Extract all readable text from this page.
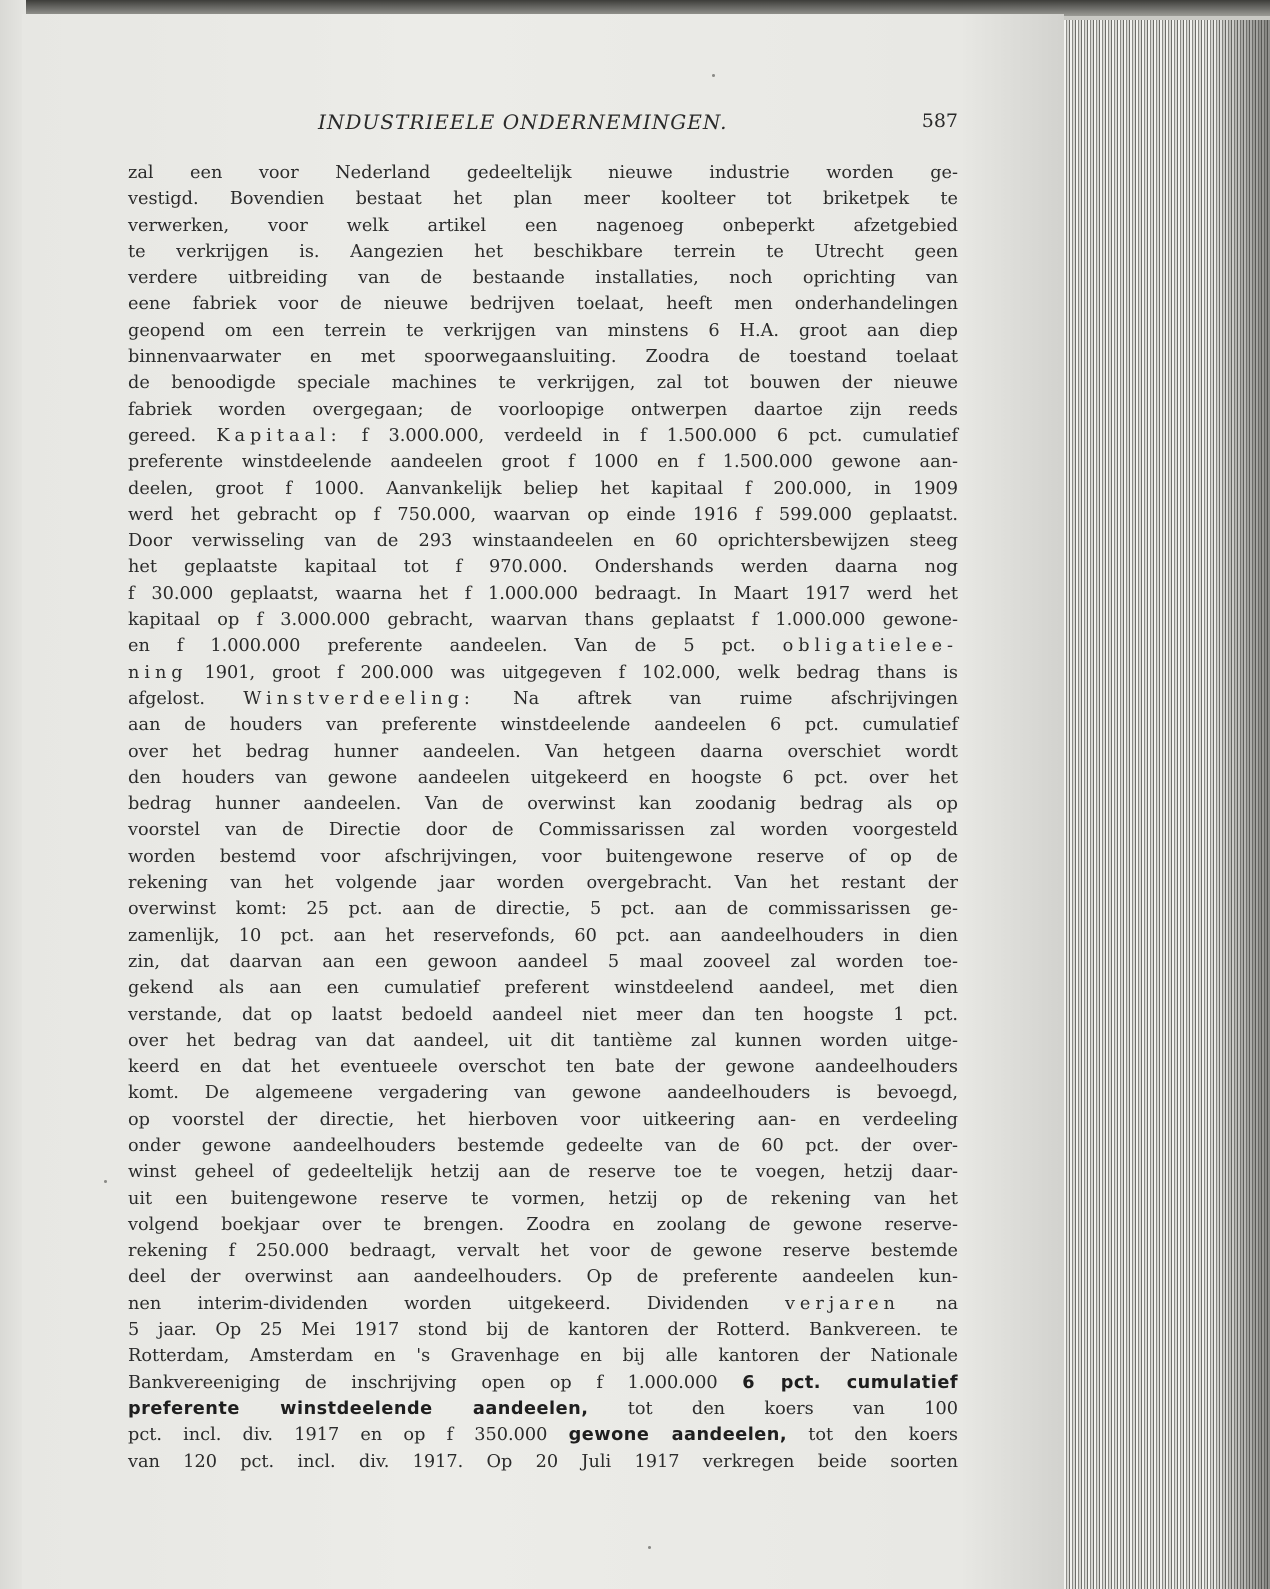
INDUSTRIEELE ONDERNEMINGEN.	587
zal een voor Nederland gedeeltelijk nieuwe industrie worden ge-
vestigd. Bovendien bestaat het plan meer koolteer tot briketpek te
verwerken, voor welk artikel een nagenoeg onbeperkt afzetgebied
te verkrijgen is. Aangezien het beschikbare terrein te Utrecht geen
verdere uitbreiding van de bestaande installaties, noch oprichting van
eene fabriek voor de nieuwe bedrijven toelaat, heeft men onderhandelingen
geopend om een terrein te verkrijgen van minstens 6 H.A. groot aan diep
binnenvaarwater en met spoorwegaansluiting. Zoodra de toestand toelaat
de benoodigde speciale machines te verkrijgen, zal tot bouwen der nieuwe
fabriek worden overgegaan; de voorloopige ontwerpen daartoe zijn reeds
gereed. Kapitaal: f 3.000.000, verdeeld in f 1.500.000 6 pct. cumulatief
preferente winstdeelende aandeelen groot f 1000 en f 1.500.000 gewone aan-
deelen, groot f 1000. Aanvankelijk beliep het kapitaal f 200.000, in 1909
werd het gebracht op f 750.000, waarvan op einde 1916 f 599.000 geplaatst.
Door verwisseling van de 293 winstaandeelen en 60 oprichtersbewijzen steeg
het geplaatste kapitaal tot f 970.000. Ondershands werden daarna nog
f 30.000 geplaatst, waarna het f 1.000.000 bedraagt. In Maart 1917 werd het
kapitaal op f 3.000.000 gebracht, waarvan thans geplaatst f 1.000.000 gewone-
en f 1.000.000 preferente aandeelen. Van de 5 pct. obligatielee-
ning 1901, groot f 200.000 was uitgegeven f 102.000, welk bedrag thans is
afgelost. Winstverdeeling: Na aftrek van ruime afschrijvingen
aan de houders van preferente winstdeelende aandeelen 6 pct. cumulatief
over het bedrag hunner aandeelen. Van hetgeen daarna overschiet wordt
den houders van gewone aandeelen uitgekeerd en hoogste 6 pct. over het
bedrag hunner aandeelen. Van de overwinst kan zoodanig bedrag als op
voorstel van de Directie door de Commissarissen zal worden voorgesteld
worden bestemd voor afschrijvingen, voor buitengewone reserve of op de
rekening van het volgende jaar worden overgebracht. Van het restant der
overwinst komt: 25 pct. aan de directie, 5 pct. aan de commissarissen ge-
zamenlijk, 10 pct. aan het reservefonds, 60 pct. aan aandeelhouders in dien
zin, dat daarvan aan een gewoon aandeel 5 maal zooveel zal worden toe-
gekend als aan een cumulatief preferent winstdeelend aandeel, met dien
verstande, dat op laatst bedoeld aandeel niet meer dan ten hoogste 1 pct.
over het bedrag van dat aandeel, uit dit tantième zal kunnen worden uitge-
keerd en dat het eventueele overschot ten bate der gewone aandeelhouders
komt. De algemeene vergadering van gewone aandeelhouders is bevoegd,
op voorstel der directie, het hierboven voor uitkeering aan- en verdeeling
onder gewone aandeelhouders bestemde gedeelte van de 60 pct. der over-
winst geheel of gedeeltelijk hetzij aan de reserve toe te voegen, hetzij daar-
uit een buitengewone reserve te vormen, hetzij op de rekening van het
volgend boekjaar over te brengen. Zoodra en zoolang de gewone reserve-
rekening f 250.000 bedraagt, vervalt het voor de gewone reserve bestemde
deel der overwinst aan aandeelhouders. Op de preferente aandeelen kun-
nen interim-dividenden worden uitgekeerd. Dividenden verjaren na
5 jaar. Op 25 Mei 1917 stond bij de kantoren der Rotterd. Bankvereen. te
Rotterdam, Amsterdam en 's Gravenhage en bij alle kantoren der Nationale
Bankvereeniging de inschrijving open op f 1.000.000 6 pct. cumulatief
preferente winstdeelende aandeelen, tot den koers van 100
pct. incl. div. 1917 en op f 350.000 gewone aandeelen, tot den koers
van 120 pct. incl. div. 1917. Op 20 Juli 1917 verkregen beide soorten
